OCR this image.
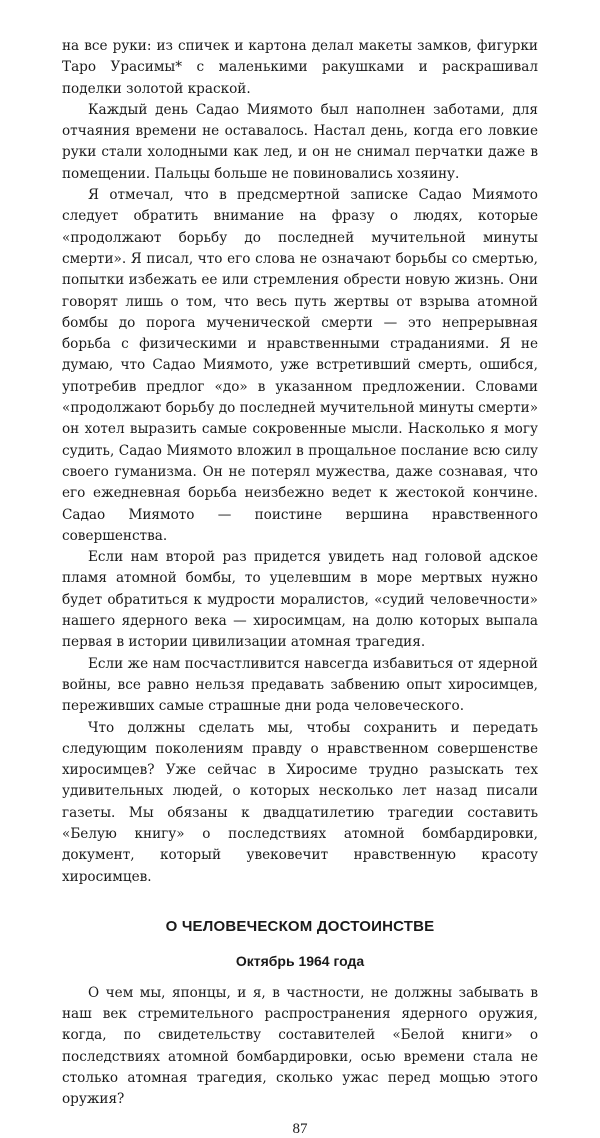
на все руки: из спичек и картона делал макеты замков, фигурки Таро Урасимы* с маленькими ракушками и раскрашивал поделки золотой краской.

Каждый день Садао Миямото был наполнен заботами, для отчаяния времени не оставалось. Настал день, когда его ловкие руки стали холодными как лед, и он не снимал перчатки даже в помещении. Пальцы больше не повиновались хозяину.

Я отмечал, что в предсмертной записке Садао Миямото следует обратить внимание на фразу о людях, которые «продолжают борьбу до последней мучительной минуты смерти». Я писал, что его слова не означают борьбы со смертью, попытки избежать ее или стремления обрести новую жизнь. Они говорят лишь о том, что весь путь жертвы от взрыва атомной бомбы до порога мученической смерти — это непрерывная борьба с физическими и нравственными страданиями. Я не думаю, что Садао Миямото, уже встретивший смерть, ошибся, употребив предлог «до» в указанном предложении. Словами «продолжают борьбу до последней мучительной минуты смерти» он хотел выразить самые сокровенные мысли. Насколько я могу судить, Садао Миямото вложил в прощальное послание всю силу своего гуманизма. Он не потерял мужества, даже сознавая, что его ежедневная борьба неизбежно ведет к жестокой кончине. Садао Миямото — поистине вершина нравственного совершенства.

Если нам второй раз придется увидеть над головой адское пламя атомной бомбы, то уцелевшим в море мертвых нужно будет обратиться к мудрости моралистов, «судий человечности» нашего ядерного века — хиросимцам, на долю которых выпала первая в истории цивилизации атомная трагедия.

Если же нам посчастливится навсегда избавиться от ядерной войны, все равно нельзя предавать забвению опыт хиросимцев, переживших самые страшные дни рода человеческого.

Что должны сделать мы, чтобы сохранить и передать следующим поколениям правду о нравственном совершенстве хиросимцев? Уже сейчас в Хиросиме трудно разыскать тех удивительных людей, о которых несколько лет назад писали газеты. Мы обязаны к двадцатилетию трагедии составить «Белую книгу» о последствиях атомной бомбардировки, документ, который увековечит нравственную красоту хиросимцев.

О ЧЕЛОВЕЧЕСКОМ ДОСТОИНСТВЕ
Октябрь 1964 года

О чем мы, японцы, и я, в частности, не должны забывать в наш век стремительного распространения ядерного оружия, когда, по свидетельству составителей «Белой книги» о последствиях атомной бомбардировки, осью времени стала не столько атомная трагедия, сколько ужас перед мощью этого оружия?

87
